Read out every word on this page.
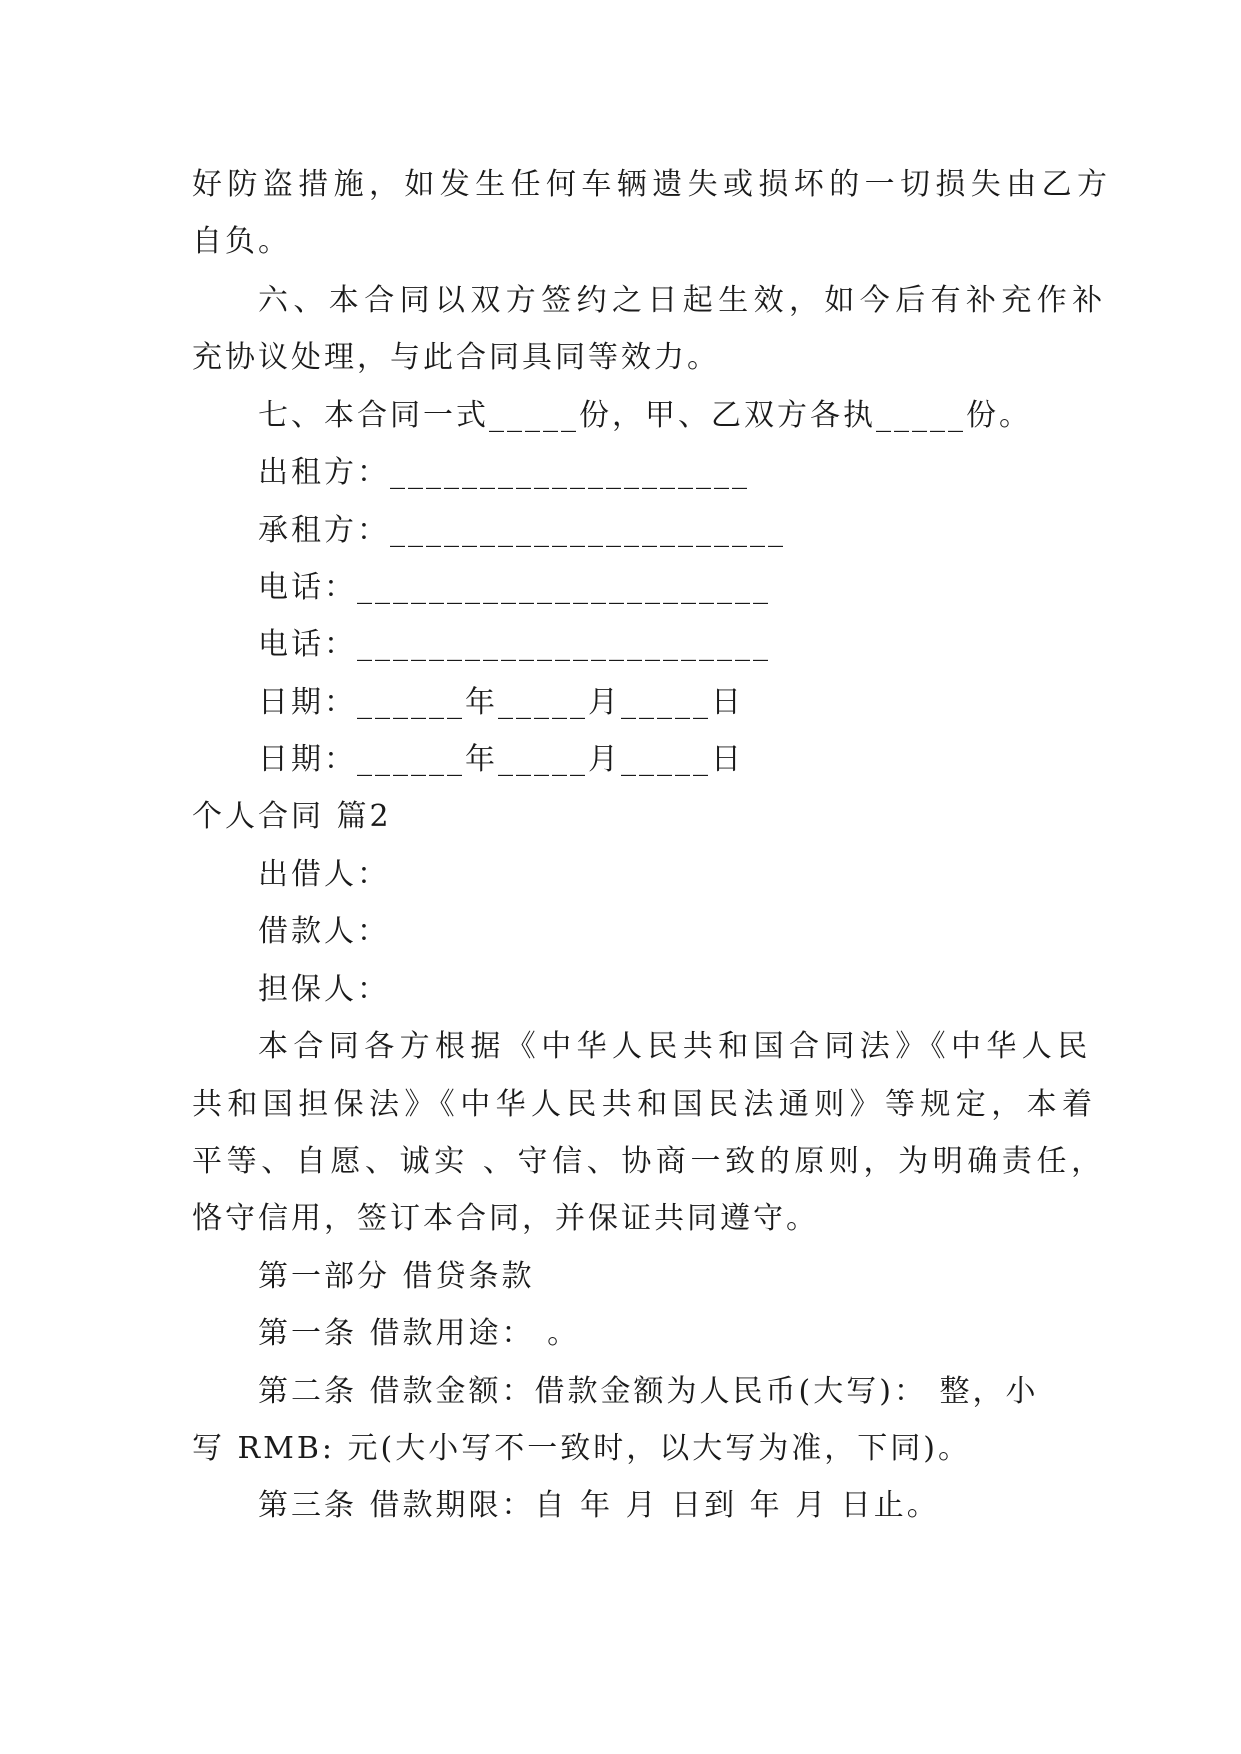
好防盗措施，如发生任何车辆遗失或损坏的一切损失由乙方
自负。
六、本合同以双方签约之日起生效，如今后有补充作补
充协议处理，与此合同具同等效力。
七、本合同一式_____份，甲、乙双方各执_____份。
出租方：____________________
承租方：______________________
电话：_______________________
电话：_______________________
日期：______年_____月_____日
日期：______年_____月_____日
个人合同 篇2
出借人：
借款人：
担保人：
本合同各方根据《中华人民共和国合同法》《中华人民
共和国担保法》《中华人民共和国民法通则》等规定，本着
平等、自愿、诚实 、守信、协商一致的原则，为明确责任，
恪守信用，签订本合同，并保证共同遵守。
第一部分 借贷条款
第一条 借款用途： 。
第二条 借款金额：借款金额为人民币(大写)： 整，小
写 RMB: 元(大小写不一致时，以大写为准，下同)。
第三条 借款期限：自 年 月 日到 年 月 日止。
